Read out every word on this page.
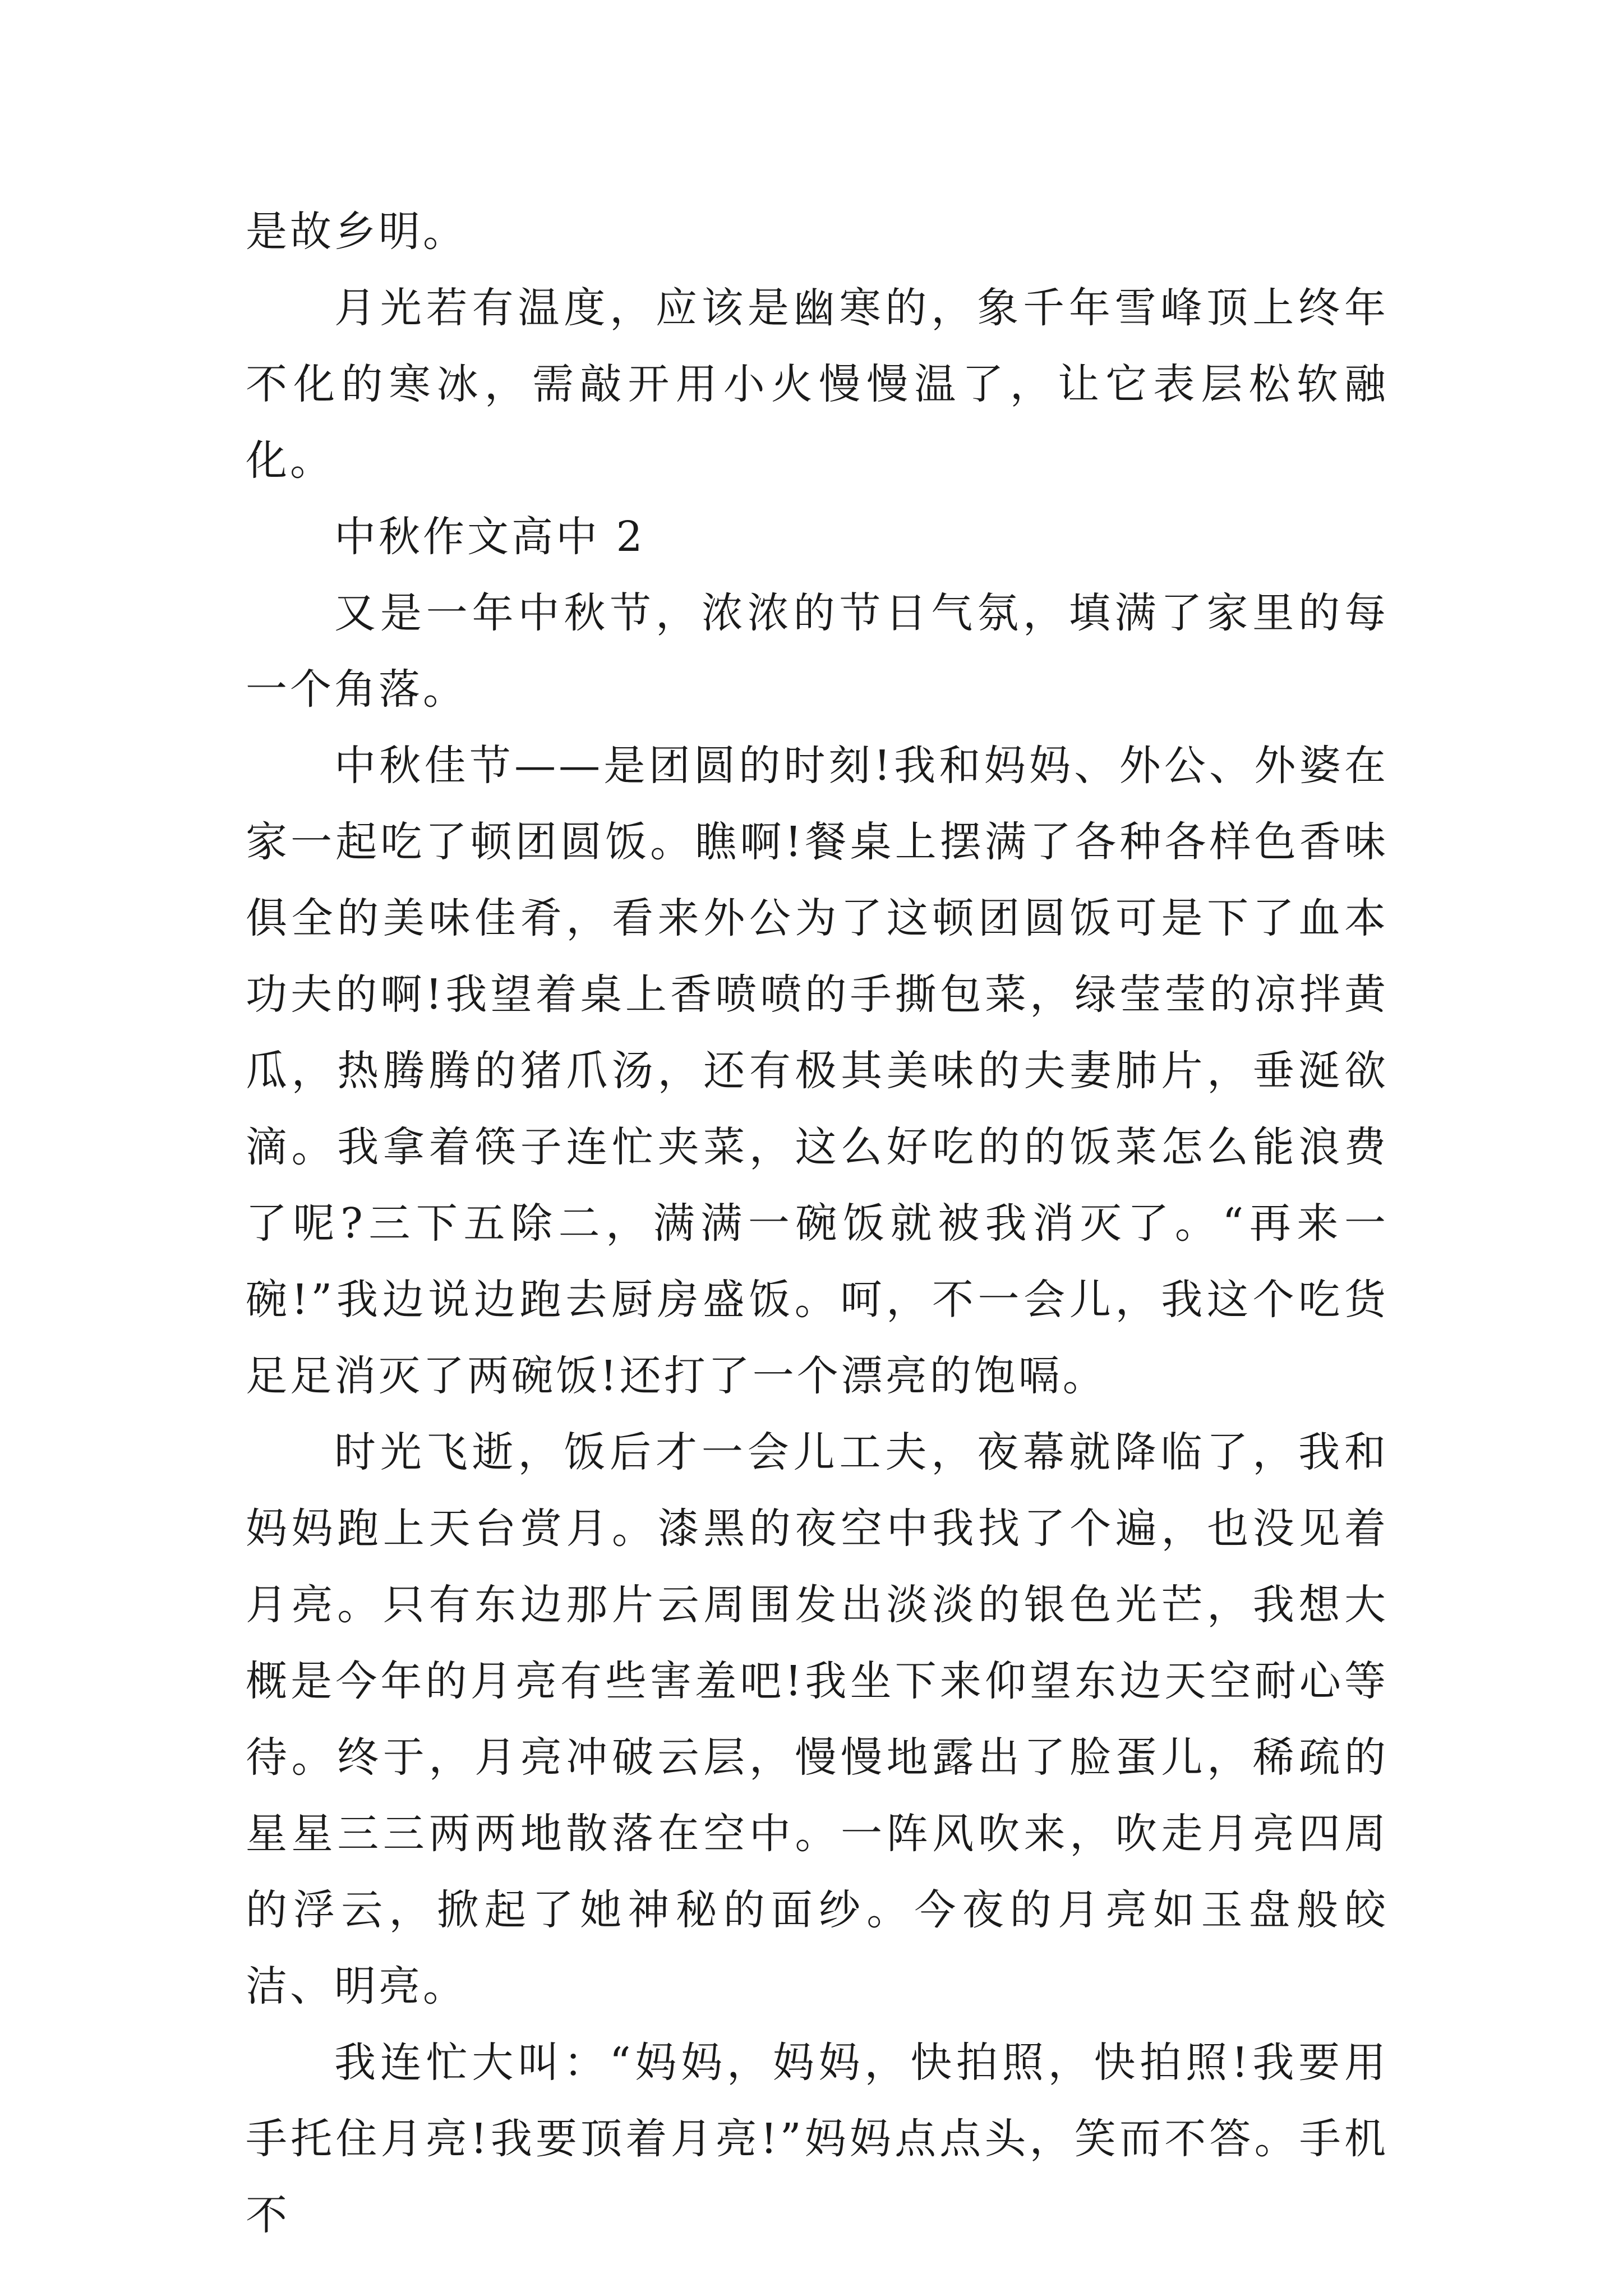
是故乡明。

月光若有温度，应该是幽寒的，象千年雪峰顶上终年不化的寒冰，需敲开用小火慢慢温了，让它表层松软融化。

中秋作文高中 2

又是一年中秋节，浓浓的节日气氛，填满了家里的每一个角落。

中秋佳节——是团圆的时刻!我和妈妈、外公、外婆在家一起吃了顿团圆饭。瞧啊!餐桌上摆满了各种各样色香味俱全的美味佳肴，看来外公为了这顿团圆饭可是下了血本功夫的啊!我望着桌上香喷喷的手撕包菜，绿莹莹的凉拌黄瓜，热腾腾的猪爪汤，还有极其美味的夫妻肺片，垂涎欲滴。我拿着筷子连忙夹菜，这么好吃的的饭菜怎么能浪费了呢?三下五除二，满满一碗饭就被我消灭了。“再来一碗!”我边说边跑去厨房盛饭。呵，不一会儿，我这个吃货足足消灭了两碗饭!还打了一个漂亮的饱嗝。

时光飞逝，饭后才一会儿工夫，夜幕就降临了，我和妈妈跑上天台赏月。漆黑的夜空中我找了个遍，也没见着月亮。只有东边那片云周围发出淡淡的银色光芒，我想大概是今年的月亮有些害羞吧!我坐下来仰望东边天空耐心等待。终于，月亮冲破云层，慢慢地露出了脸蛋儿，稀疏的星星三三两两地散落在空中。一阵风吹来，吹走月亮四周的浮云，掀起了她神秘的面纱。今夜的月亮如玉盘般皎洁、明亮。

我连忙大叫：“妈妈，妈妈，快拍照，快拍照!我要用手托住月亮!我要顶着月亮!”妈妈点点头，笑而不答。手机不
